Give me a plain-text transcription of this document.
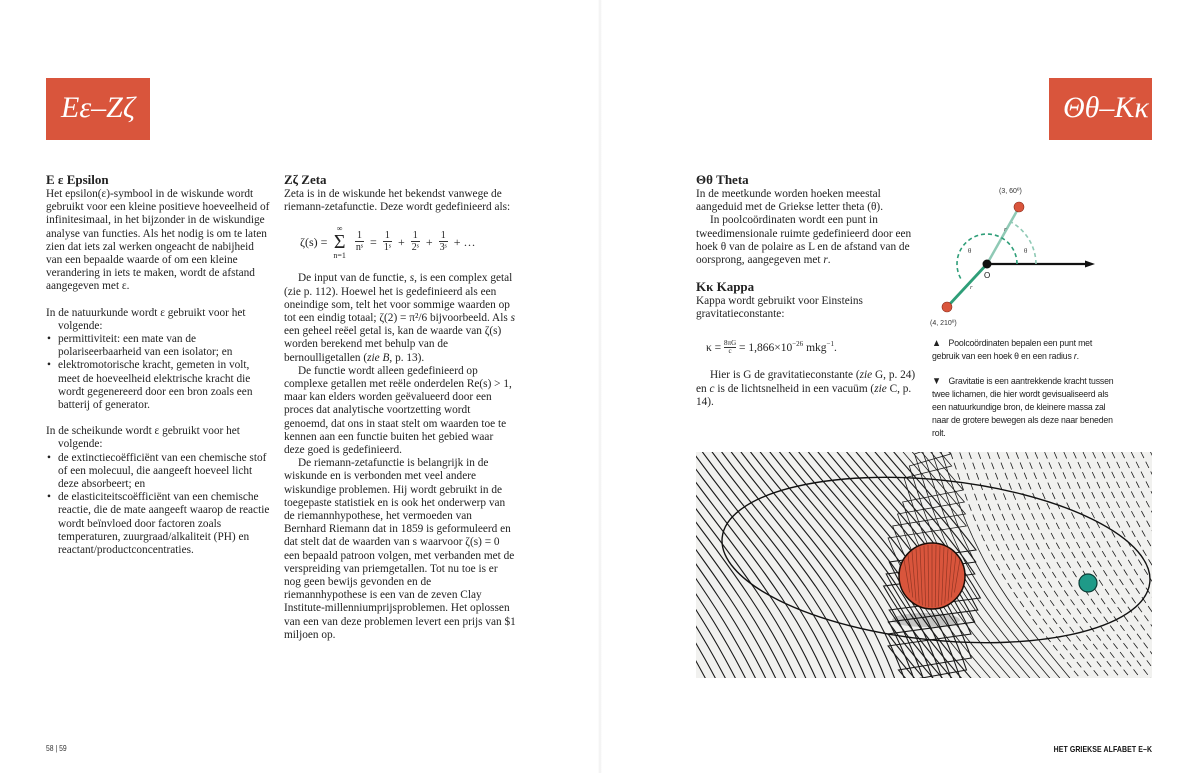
Eε–Zζ	Θθ–Κκ
Ε ε Epsilon

Het epsilon(ε)-symbool in de wiskunde wordt gebruikt voor een kleine positieve hoeveelheid of infinitesimaal, in het bijzonder in de wiskundige analyse van functies. Als het nodig is om te laten zien dat iets zal werken ongeacht de nabijheid van een bepaalde waarde of om een kleine verandering in iets te maken, wordt de afstand aangegeven met ε.

In de natuurkunde wordt ε gebruikt voor het volgende:

• permittiviteit: een mate van de polariseerbaarheid van een isolator; en
• elektromotorische kracht, gemeten in volt, meet de hoeveelheid elektrische kracht die wordt gegenereerd door een bron zoals een batterij of generator.

In de scheikunde wordt ε gebruikt voor het volgende:

• de extinctiecoëfficiënt van een chemische stof of een molecuul, die aangeeft hoeveel licht deze absorbeert; en
• de elasticiteitscoëfficiënt van een chemische reactie, die de mate aangeeft waarop de reactie wordt beïnvloed door factoren zoals temperaturen, zuurgraad/alkaliteit (PH) en reactant/productconcentraties.
Ζζ Zeta

Zeta is in de wiskunde het bekendst vanwege de riemann-zetafunctie. Deze wordt gedefinieerd als:

ζ(s) =
∞
Σ
n=1
$\frac{1}{\text{nˢ}} = \frac{1}{\text{1ˢ}} + \frac{1}{\text{2ˢ}} + \frac{1}{\text{3ˢ}}$ + …

De input van de functie, s, is een complex getal (zie p. 112). Hoewel het is gedefinieerd als een oneindige som, telt het voor sommige waarden op tot een eindig totaal; ζ(2) = π²/6 bijvoorbeeld. Als s een geheel reëel getal is, kan de waarde van ζ(s) worden berekend met behulp van de bernoulligetallen (zie B, p. 13).

De functie wordt alleen gedefinieerd op complexe getallen met reële onderdelen Re(s) > 1, maar kan elders worden geëvalueerd door een proces dat analytische voortzetting wordt genoemd, dat ons in staat stelt om waarden toe te kennen aan een functie buiten het gebied waar deze goed is gedefinieerd.

De riemann-zetafunctie is belangrijk in de wiskunde en is verbonden met veel andere wiskundige problemen. Hij wordt gebruikt in de toegepaste statistiek en is ook het onderwerp van de riemannhypothese, het vermoeden van Bernhard Riemann dat in 1859 is geformuleerd en dat stelt dat de waarden van s waarvoor ζ(s) = 0 een bepaald patroon volgen, met verbanden met de verspreiding van priemgetallen. Tot nu toe is er nog geen bewijs gevonden en de riemannhypothese is een van de zeven Clay Institute-millenniumprijsproblemen. Het oplossen van een van deze problemen levert een prijs van $1 miljoen op.

Θθ Theta

In de meetkunde worden hoeken meestal aangeduid met de Griekse letter theta (θ).

In poolcoördinaten wordt een punt in tweedimensionale ruimte gedefinieerd door een hoek θ van de polaire as L en de afstand van de oorsprong, aangegeven met r.

Κκ Kappa

Kappa wordt gebruikt voor Einsteins gravitatieconstante:

$\kappa = \frac{8\pi G}{c} = 1,866\times 10^{-26}$ mkg$^{-1}$.

Hier is G de gravitatieconstante (zie G, p. 24) en c is de lichtsnelheid in een vacuüm (zie C, p. 14).

(3, 60º)
O
r
r
θ	θ
(4, 210º)

▲ Poolcoördinaten bepalen een punt met gebruik van een hoek θ en een radius r.

▼ Gravitatie is een aantrekkende kracht tussen twee lichamen, die hier wordt gevisualiseerd als een natuurkundige bron, de kleinere massa zal naar de grotere bewegen als deze naar beneden rolt.

58 | 59	HET GRIEKSE ALFABET E–K
